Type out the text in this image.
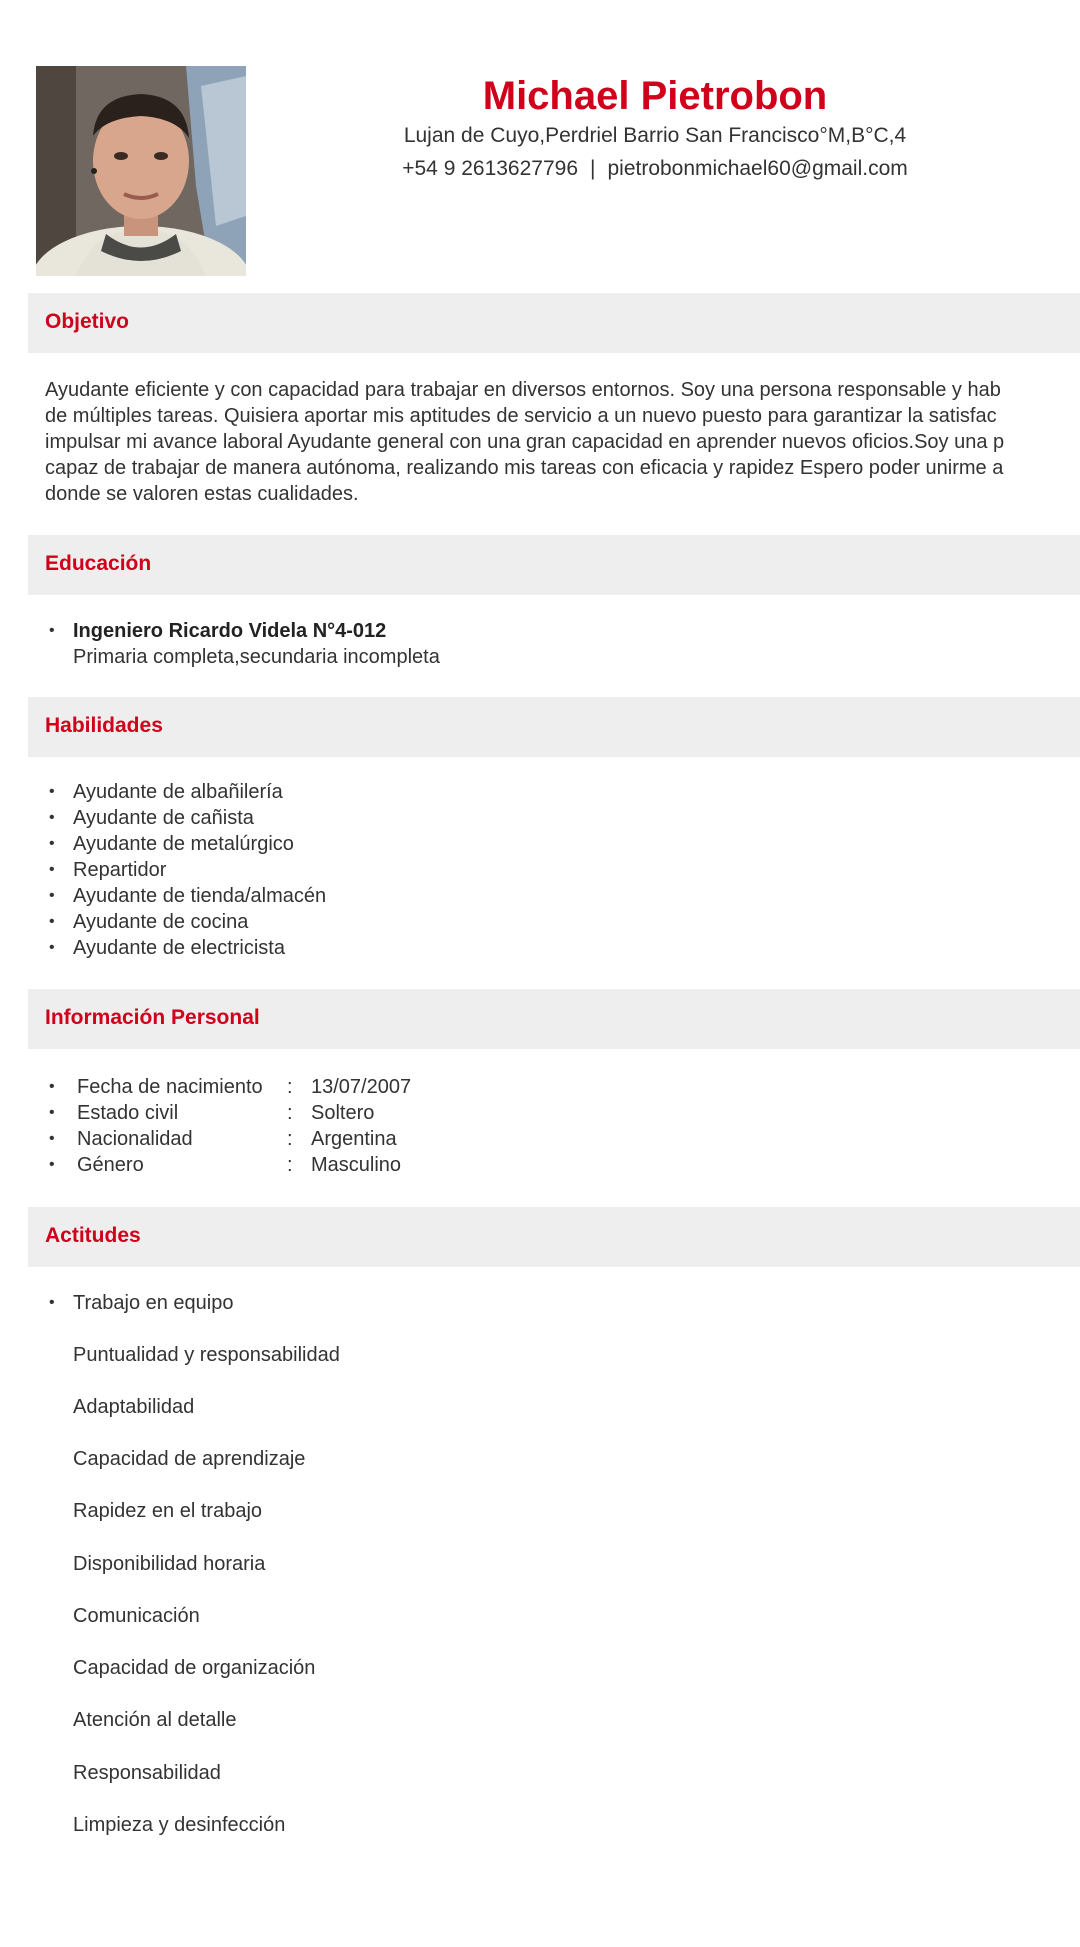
Michael Pietrobon
Lujan de Cuyo,Perdriel Barrio San Francisco°M,B°C,4
+54 9 2613627796 | pietrobonmichael60@gmail.com
Objetivo
Ayudante eficiente y con capacidad para trabajar en diversos entornos. Soy una persona responsable y hab
de múltiples tareas. Quisiera aportar mis aptitudes de servicio a un nuevo puesto para garantizar la satisfac
impulsar mi avance laboral Ayudante general con una gran capacidad en aprender nuevos oficios.Soy una p
capaz de trabajar de manera autónoma, realizando mis tareas con eficacia y rapidez Espero poder unirme a
donde se valoren estas cualidades.
Educación
• Ingeniero Ricardo Videla N°4-012
Primaria completa,secundaria incompleta
Habilidades
• Ayudante de albañilería
• Ayudante de cañista
• Ayudante de metalúrgico
• Repartidor
• Ayudante de tienda/almacén
• Ayudante de cocina
• Ayudante de electricista
Información Personal
• Fecha de nacimiento	: 13/07/2007
• Estado civil	: Soltero
• Nacionalidad	: Argentina
• Género	: Masculino
Actitudes
• Trabajo en equipo
Puntualidad y responsabilidad
Adaptabilidad
Capacidad de aprendizaje
Rapidez en el trabajo
Disponibilidad horaria
Comunicación
Capacidad de organización
Atención al detalle
Responsabilidad
Limpieza y desinfección
